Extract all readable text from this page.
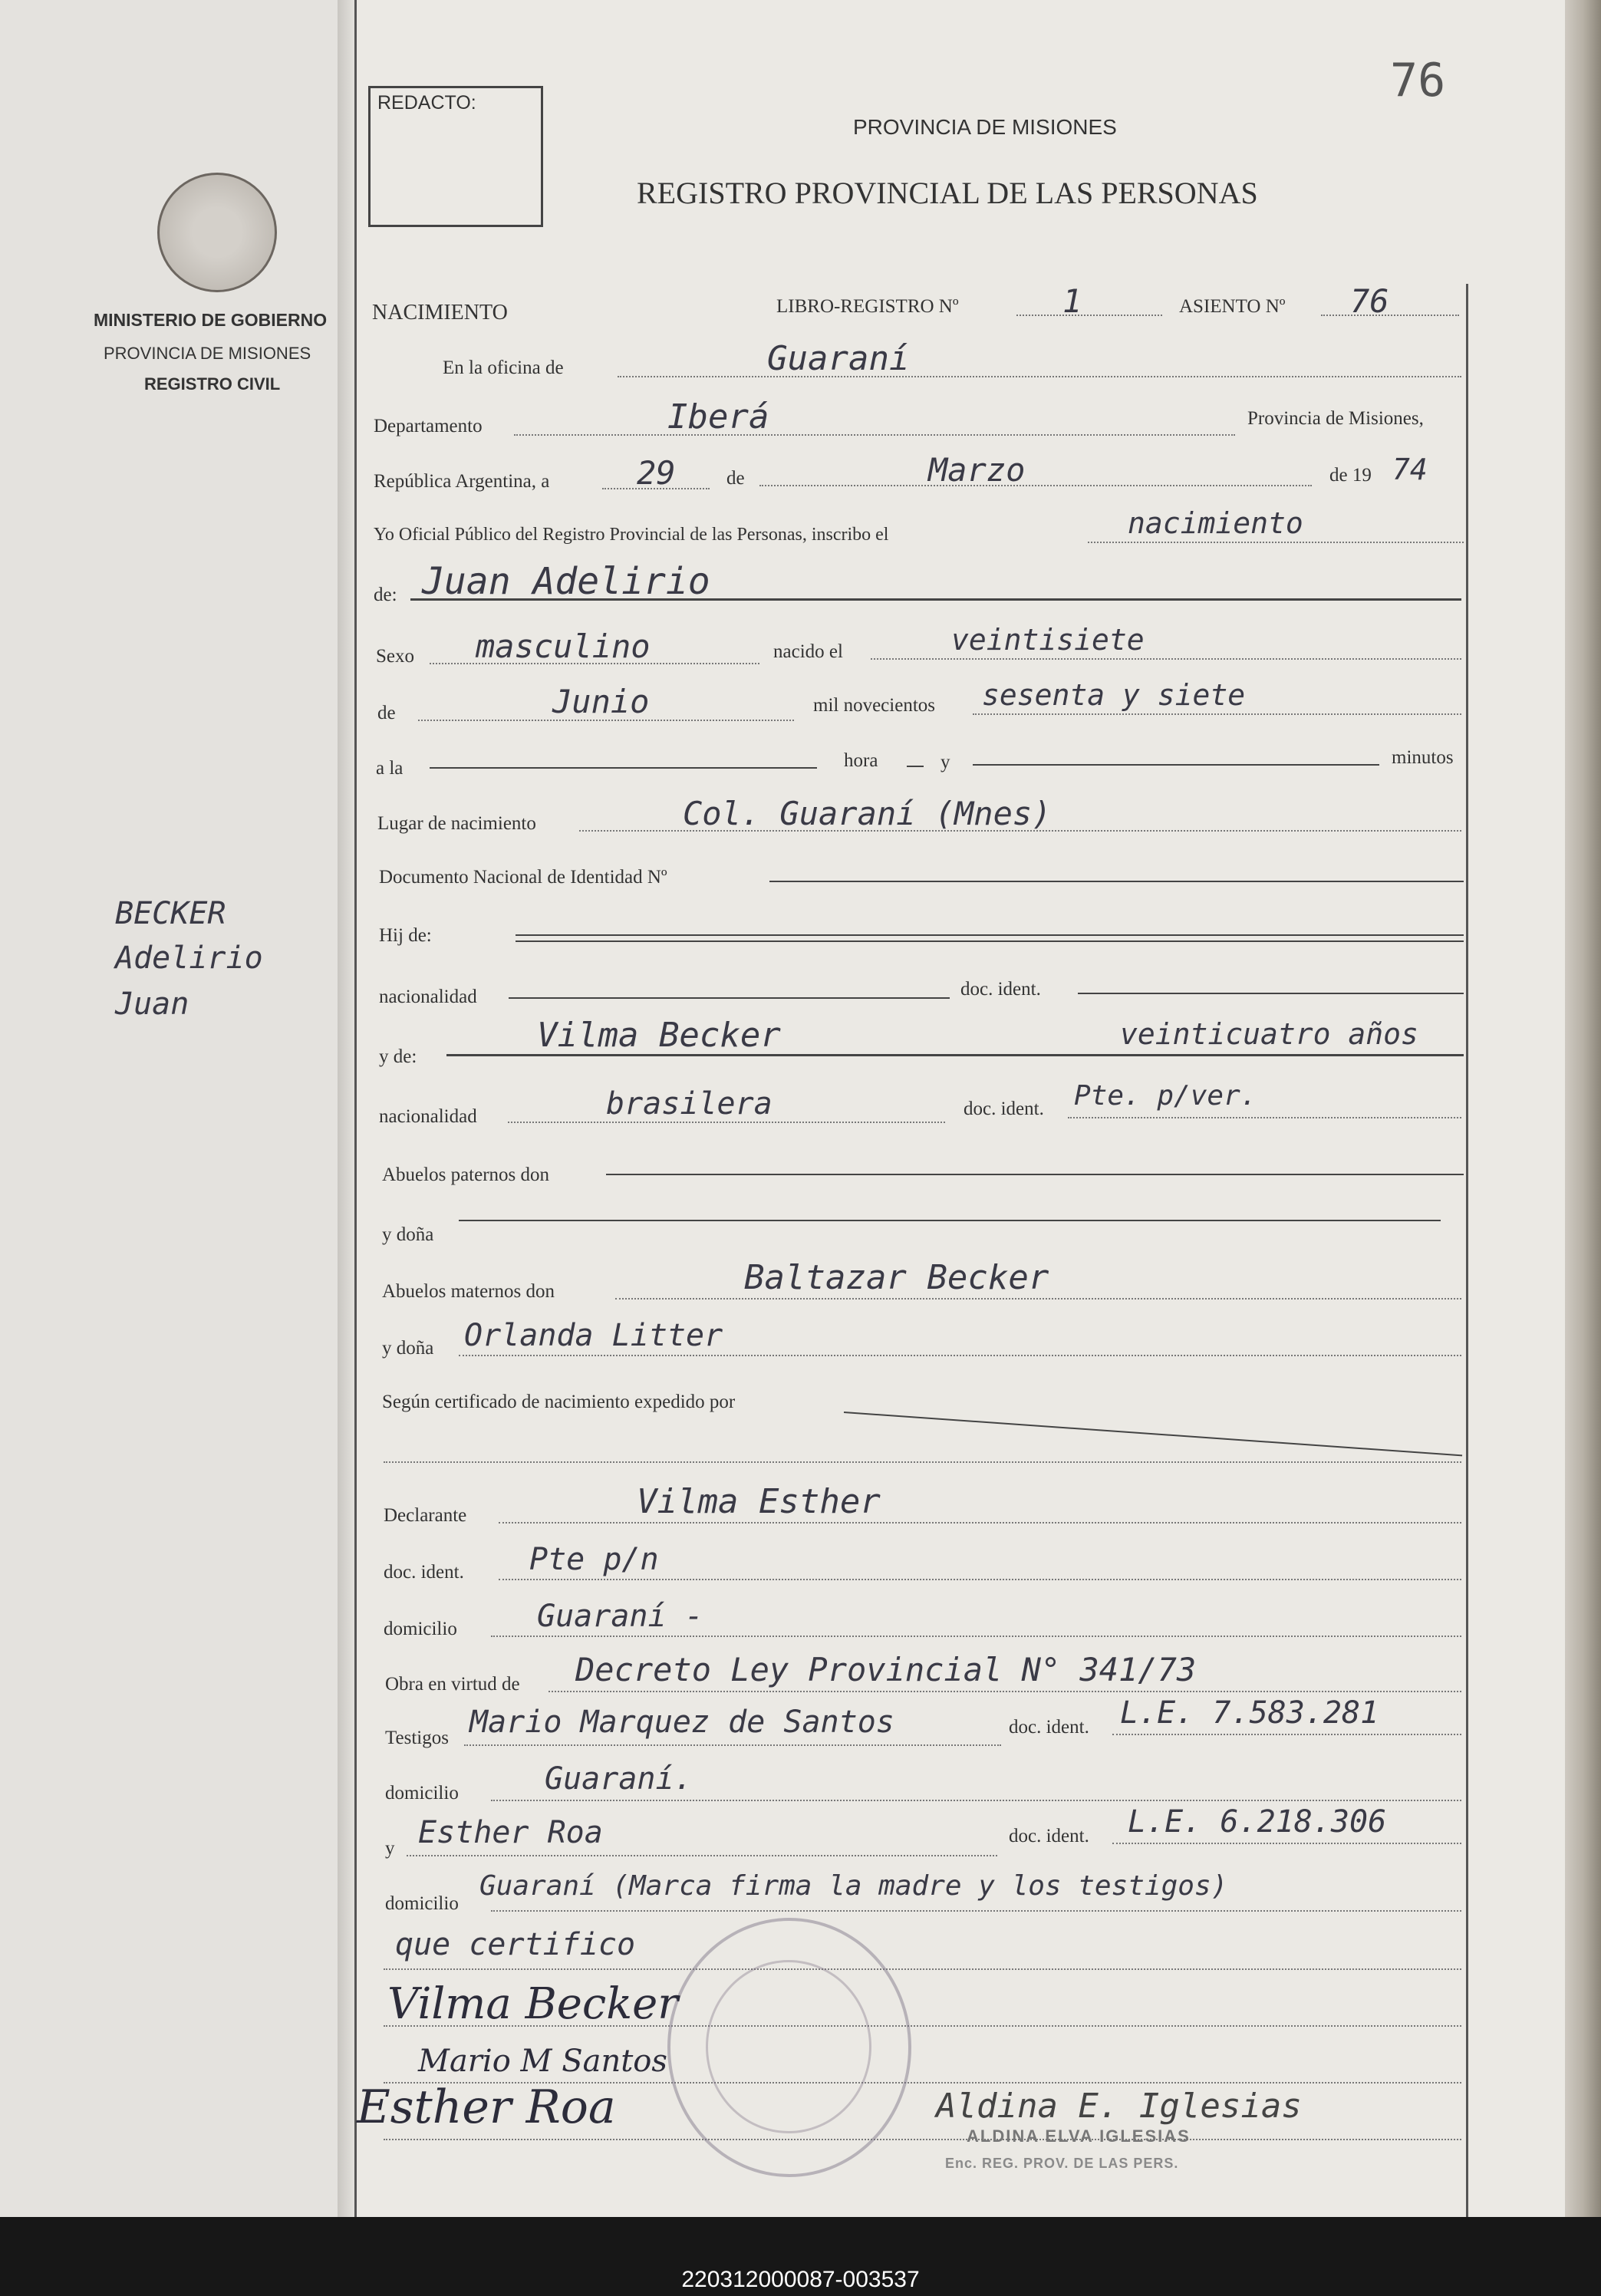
220312000087-003537
MINISTERIO DE GOBIERNO
PROVINCIA DE MISIONES
REGISTRO CIVIL
BECKER
Adelirio
Juan
76
REDACTO:
PROVINCIA DE MISIONES
REGISTRO PROVINCIAL DE LAS PERSONAS
NACIMIENTO	LIBRO-REGISTRO Nº	1	ASIENTO Nº 76
En la oficina de	Guaraní
Departamento	Iberá	Provincia de Misiones,
República Argentina, a	29	de	Marzo	de 19 74
Yo Oficial Público del Registro Provincial de las Personas, inscribo el	nacimiento
de: Juan Adelirio
Sexo masculino	nacido el	veintisiete
de	Junio	mil novecientos sesenta y siete
a la	hora	y	minutos
Lugar de nacimiento	Col. Guaraní (Mnes)
Documento Nacional de Identidad Nº
Hij de:
nacionalidad	doc. ident.
y de:
Vilma Becker	veinticuatro años
nacionalidad	brasilera	doc. ident. Pte. p/ver.
Abuelos paternos don
y doña
Abuelos maternos don	Baltazar Becker
y doña Orlanda Litter
Según certificado de nacimiento expedido por
Declarante	Vilma Esther
doc. ident. Pte p/n
domicilio	Guaraní -
Obra en virtud de Decreto Ley Provincial N° 341/73
Testigos Mario Marquez de Santos	doc. ident. L.E. 7.583.281
domicilio	Guaraní.
y Esther Roa	doc. ident. L.E. 6.218.306
domicilio
Guaraní (Marca firma la madre y los testigos)
que certifico
Vilma Becker
Mario M Santos
Esther Roa	Aldina E. Iglesias
ALDINA ELVA IGLESIAS
Enc. REG. PROV. DE LAS PERS.
